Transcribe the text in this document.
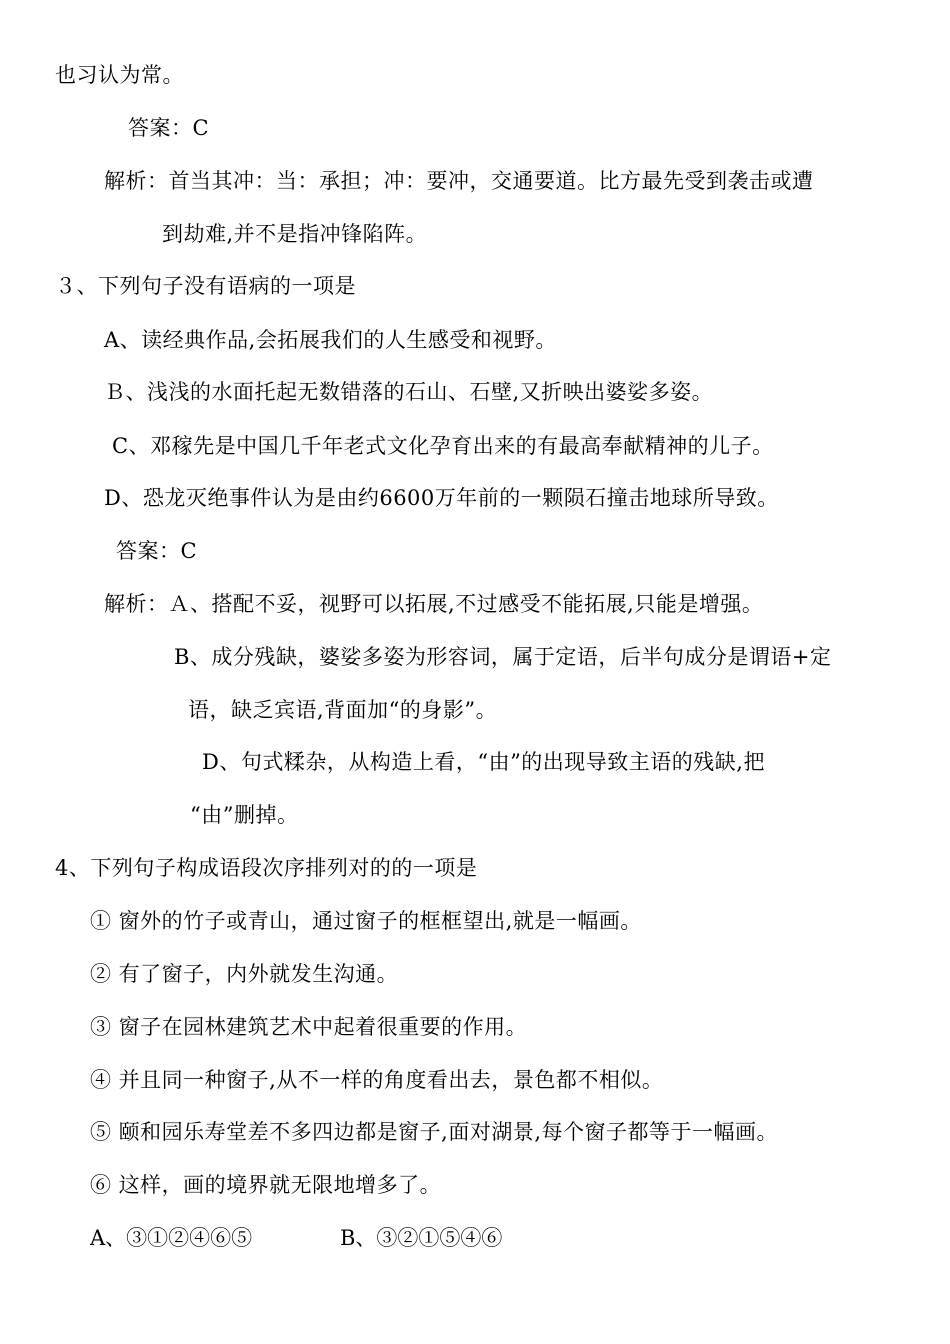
也习认为常。
答案：C
解析：首当其冲：当：承担；冲：要冲，交通要道。比方最先受到袭击或遭
到劫难,并不是指冲锋陷阵。
３、下列句子没有语病的一项是
A、读经典作品,会拓展我们的人生感受和视野。
Ｂ、浅浅的水面托起无数错落的石山、石壁,又折映出婆娑多姿。
C、邓稼先是中国几千年老式文化孕育出来的有最高奉献精神的儿子。
D、恐龙灭绝事件认为是由约6600万年前的一颗陨石撞击地球所导致。
答案：C
解析：Ａ、搭配不妥，视野可以拓展,不过感受不能拓展,只能是增强。
B、成分残缺，婆娑多姿为形容词，属于定语，后半句成分是谓语+定
语，缺乏宾语,背面加“的身影”。
D、句式糅杂，从构造上看，“由”的出现导致主语的残缺,把
“由”删掉。
4、下列句子构成语段次序排列对的的一项是
① 窗外的竹子或青山，通过窗子的框框望出,就是一幅画。
② 有了窗子，内外就发生沟通。
③ 窗子在园林建筑艺术中起着很重要的作用。
④ 并且同一种窗子,从不一样的角度看出去，景色都不相似。
⑤ 颐和园乐寿堂差不多四边都是窗子,面对湖景,每个窗子都等于一幅画。
⑥ 这样，画的境界就无限地增多了。
A、③①②④⑥⑤	B、③②①⑤④⑥
